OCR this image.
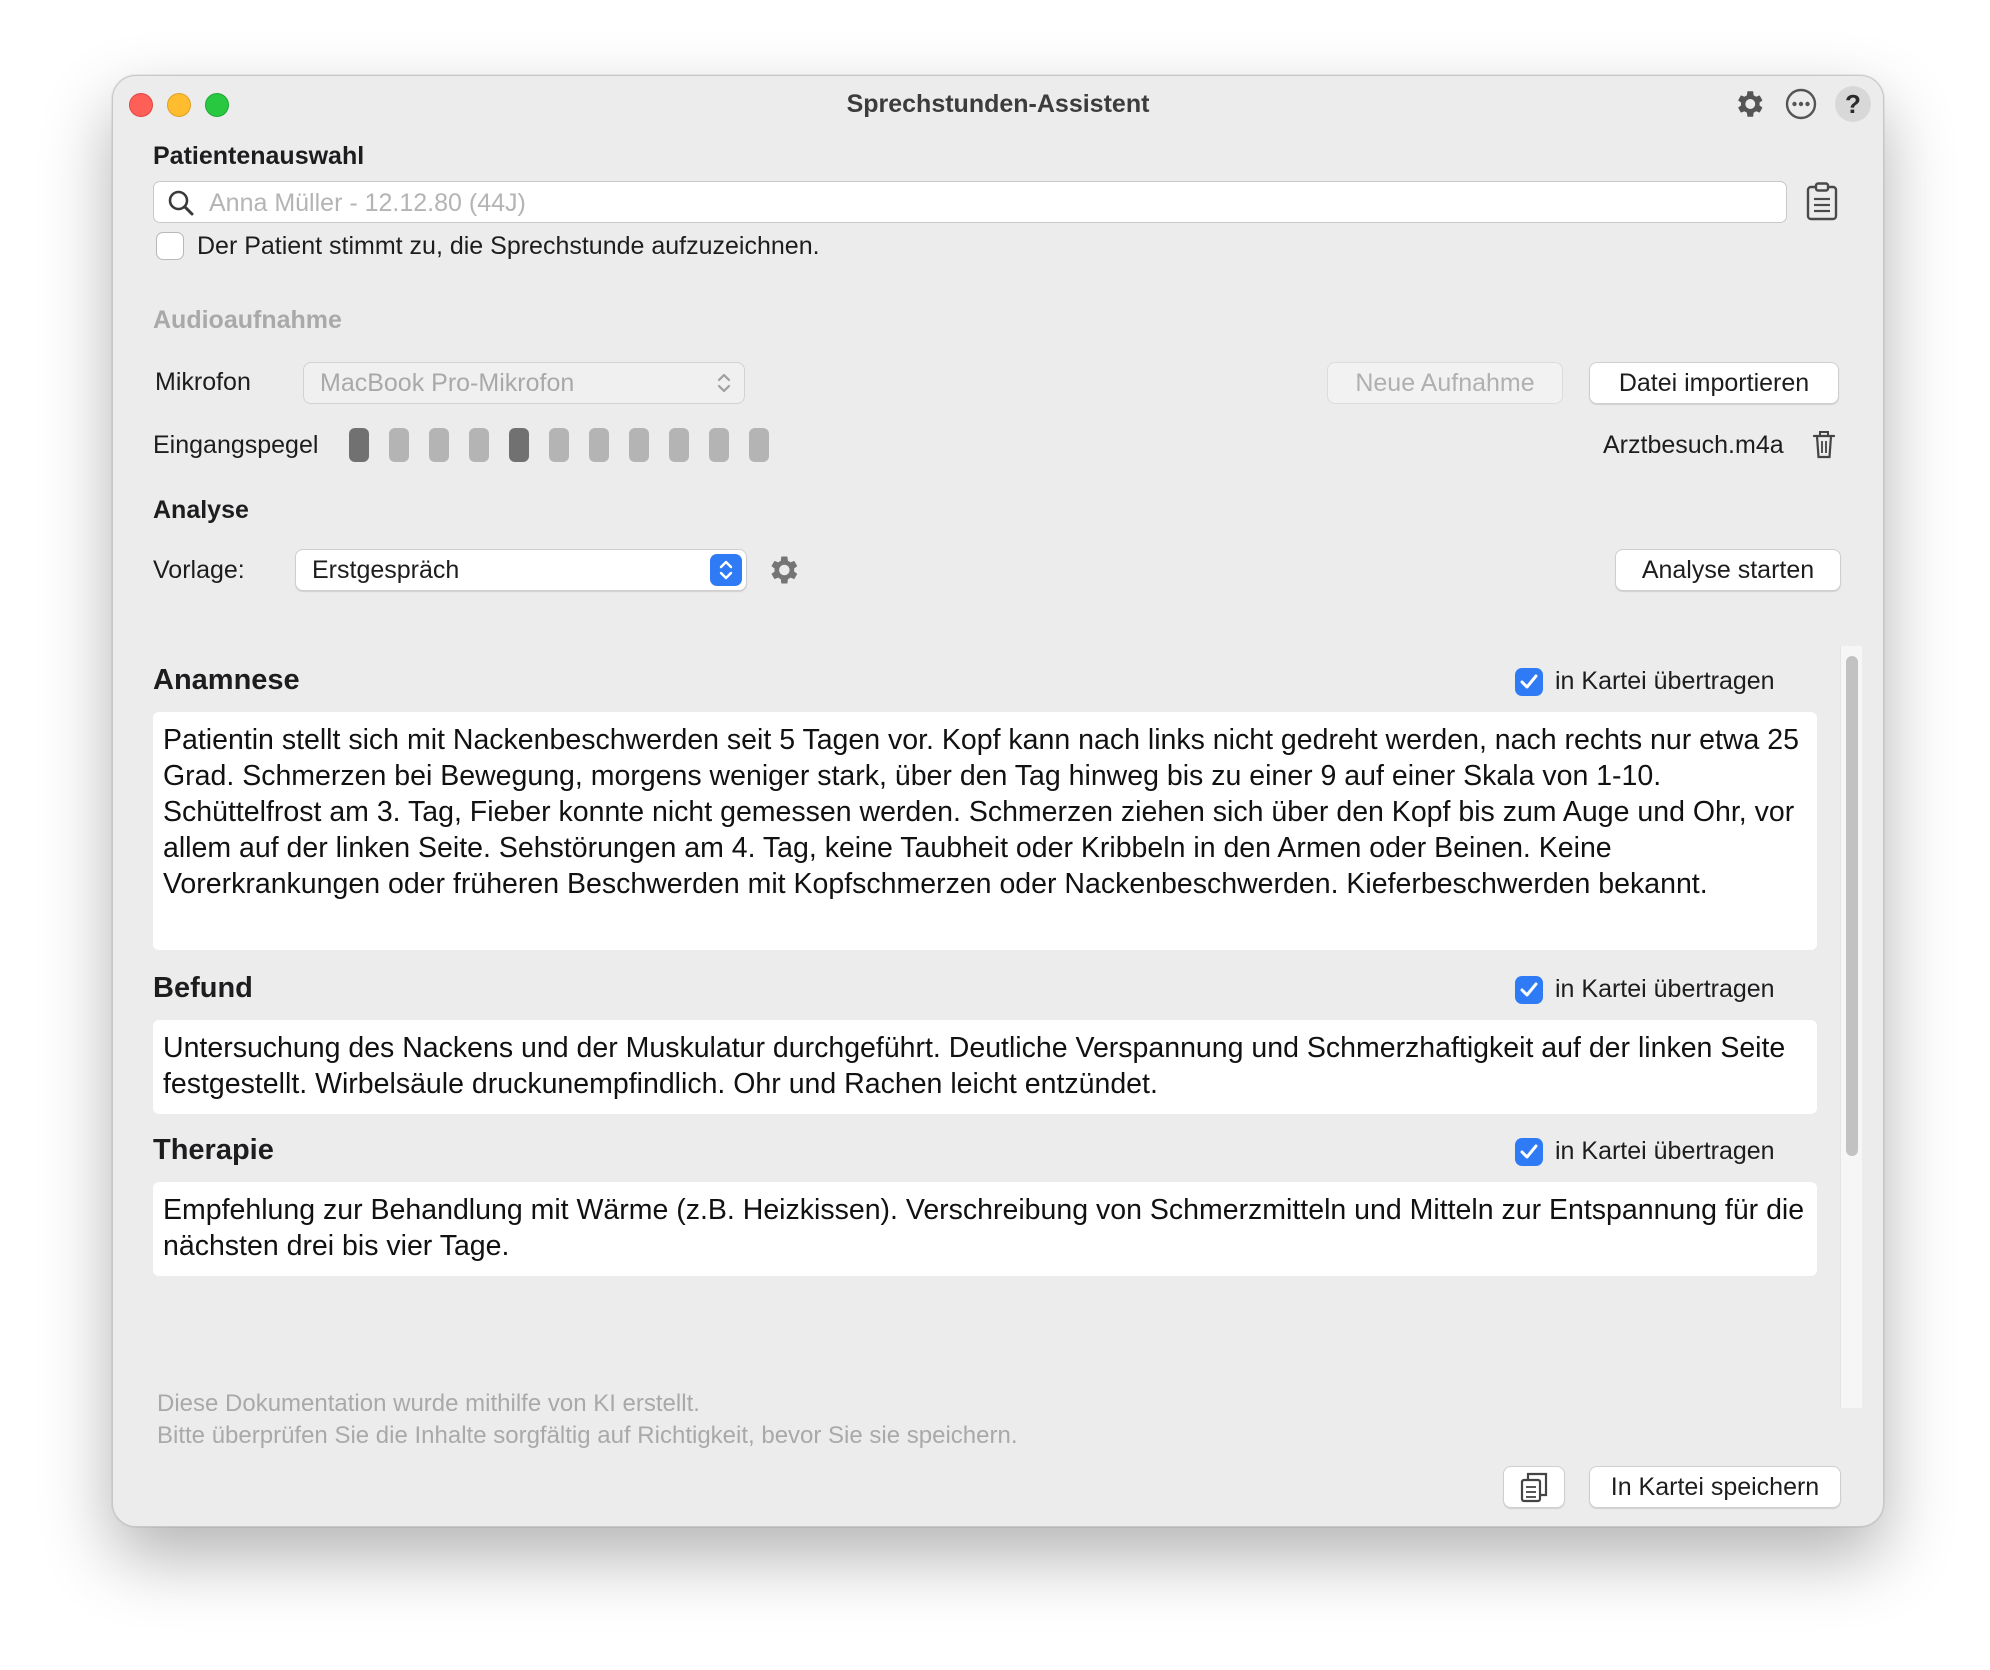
Sprechstunden-Assistent	?
Patientenauswahl
Anna Müller - 12.12.80 (44J)
Der Patient stimmt zu, die Sprechstunde aufzuzeichnen.
Audioaufnahme
Mikrofon	MacBook Pro-Mikrofon	Neue Aufnahme	Datei importieren
Eingangspegel	Arztbesuch.m4a
Analyse
Vorlage:	Erstgespräch	Analyse starten
Anamnese	in Kartei übertragen
Patientin stellt sich mit Nackenbeschwerden seit 5 Tagen vor. Kopf kann nach links nicht gedreht werden, nach rechts nur etwa 25 Grad. Schmerzen bei Bewegung, morgens weniger stark, über den Tag hinweg bis zu einer 9 auf einer Skala von 1-10. Schüttelfrost am 3. Tag, Fieber konnte nicht gemessen werden. Schmerzen ziehen sich über den Kopf bis zum Auge und Ohr, vor allem auf der linken Seite. Sehstörungen am 4. Tag, keine Taubheit oder Kribbeln in den Armen oder Beinen. Keine Vorerkrankungen oder früheren Beschwerden mit Kopfschmerzen oder Nackenbeschwerden. Kieferbeschwerden bekannt.
Befund	in Kartei übertragen
Untersuchung des Nackens und der Muskulatur durchgeführt. Deutliche Verspannung und Schmerzhaftigkeit auf der linken Seite festgestellt. Wirbelsäule druckunempfindlich. Ohr und Rachen leicht entzündet.
Therapie	in Kartei übertragen
Empfehlung zur Behandlung mit Wärme (z.B. Heizkissen). Verschreibung von Schmerzmitteln und Mitteln zur Entspannung für die nächsten drei bis vier Tage.
Diese Dokumentation wurde mithilfe von KI erstellt.
Bitte überprüfen Sie die Inhalte sorgfältig auf Richtigkeit, bevor Sie sie speichern.
In Kartei speichern
